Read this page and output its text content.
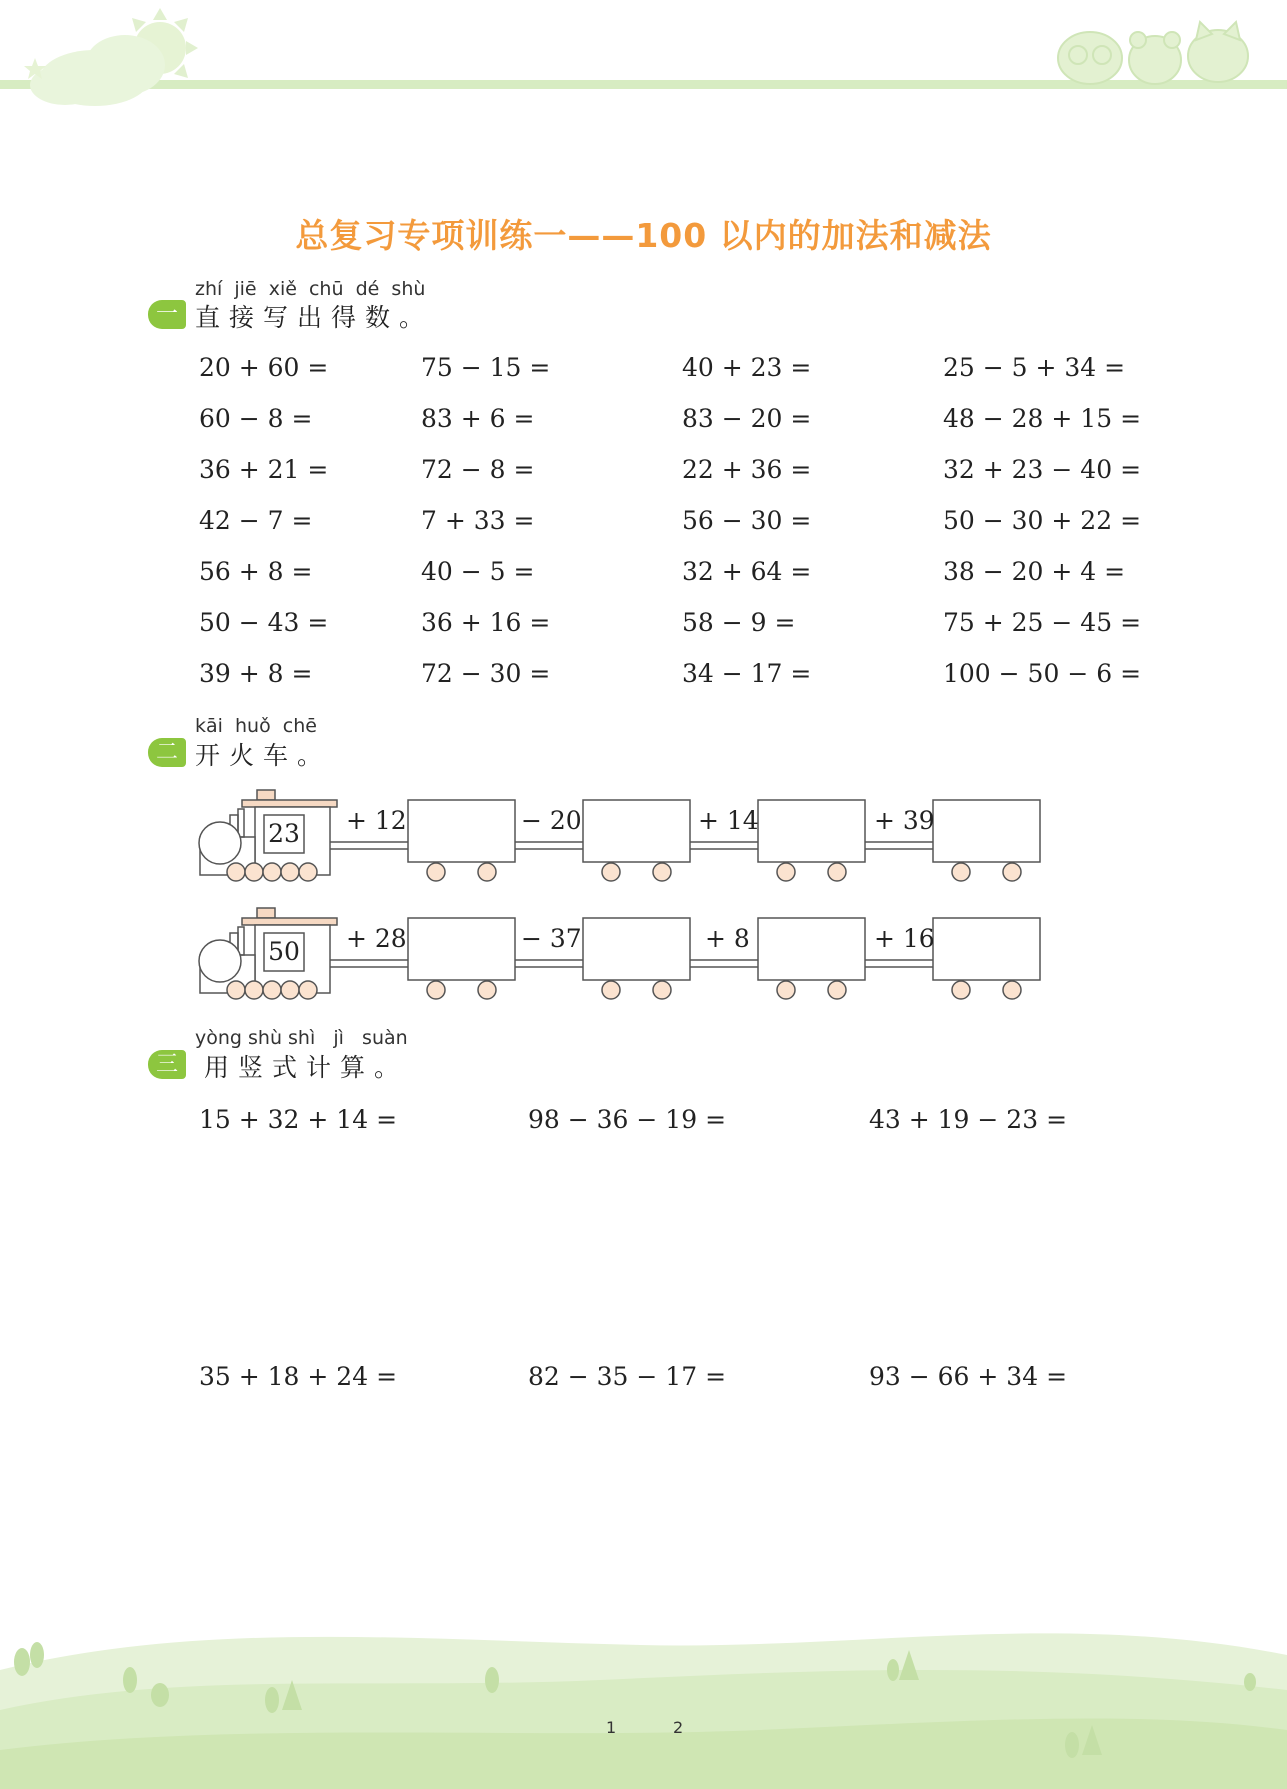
总复习专项训练一——100 以内的加法和减法
zhí  jiē  xiě  chū  dé  shù
一 直接写出得数。
20 + 60 =	75 − 15 =	40 + 23 =	25 − 5 + 34 =
60 − 8 =	83 + 6 =	83 − 20 =	48 − 28 + 15 =
36 + 21 =	72 − 8 =	22 + 36 =	32 + 23 − 40 =
42 − 7 =	7 + 33 =	56 − 30 =	50 − 30 + 22 =
56 + 8 =	40 − 5 =	32 + 64 =	38 − 20 + 4 =
50 − 43 =	36 + 16 =	58 − 9 =	75 + 25 − 45 =
39 + 8 =	72 − 30 =	34 − 17 =	100 − 50 − 6 =
kāi  huǒ  chē
二 开火车。
23 + 12	− 20	+ 14	+ 39
50 + 28	− 37	+ 8	+ 16
yòng shù shì   jì   suàn
三	用竖式计算。
15 + 32 + 14 =	98 − 36 − 19 =	43 + 19 − 23 =
35 + 18 + 24 =	82 − 35 − 17 =	93 − 66 + 34 =
1	2
